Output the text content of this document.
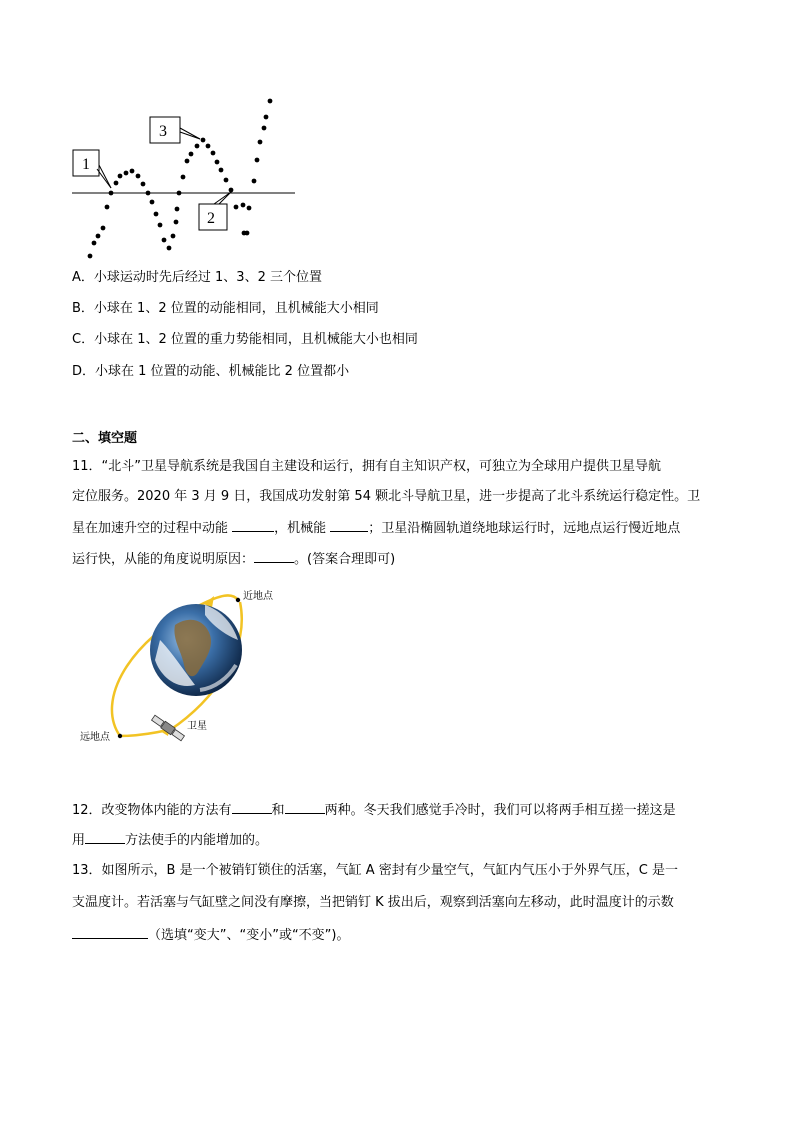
1
3
2
A．小球运动时先后经过 1、3、2 三个位置
B．小球在 1、2 位置的动能相同，且机械能大小相同
C．小球在 1、2 位置的重力势能相同，且机械能大小也相同
D．小球在 1 位置的动能、机械能比 2 位置都小
二、填空题
11．“北斗”卫星导航系统是我国自主建设和运行，拥有自主知识产权，可独立为全球用户提供卫星导航
定位服务。2020 年 3 月 9 日，我国成功发射第 54 颗北斗导航卫星，进一步提高了北斗系统运行稳定性。卫
星在加速升空的过程中动能	，机械能	；卫星沿椭圆轨道绕地球运行时，远地点运行慢近地点
运行快，从能的角度说明原因：	。(答案合理即可)
近地点
远地点
卫星
12．改变物体内能的方法有	和	两种。冬天我们感觉手冷时，我们可以将两手相互搓一搓这是
用	方法使手的内能增加的。
13．如图所示，B 是一个被销钉锁住的活塞，气缸 A 密封有少量空气，气缸内气压小于外界气压，C 是一
支温度计。若活塞与气缸壁之间没有摩擦，当把销钉 K 拔出后，观察到活塞向左移动，此时温度计的示数
（选填“变大”、“变小”或“不变”)。
